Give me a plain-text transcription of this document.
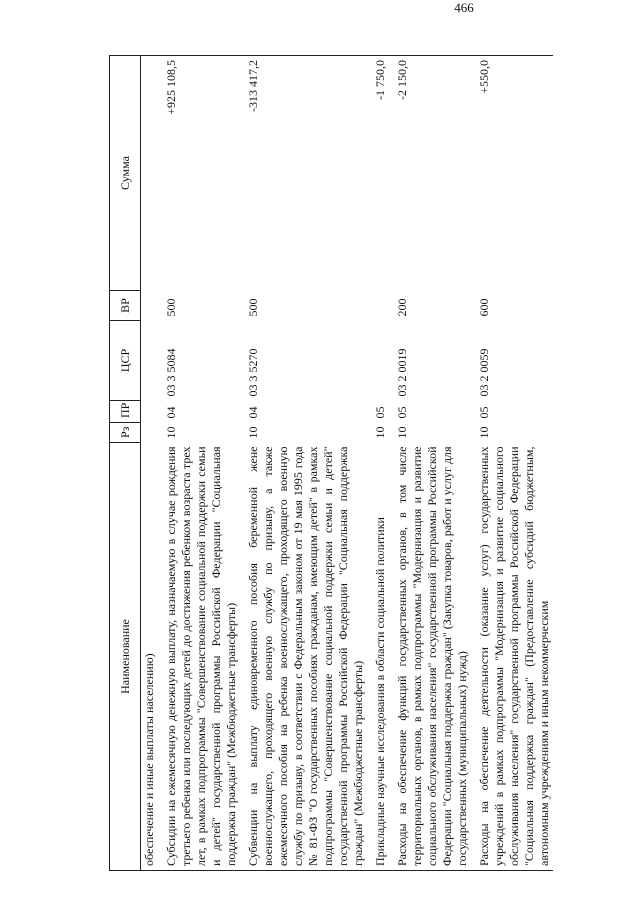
466
Наименование	Рз	ПР	ЦСР	ВР	Сумма
обеспечение и иные выплаты населению)					
Субсидии на ежемесячную денежную выплату, назначаемую в случае рождения третьего ребенка или последующих детей до достижения ребенком возраста трех лет, в рамках подпрограммы "Совершенствование социальной поддержки семьи и детей" государственной программы Российской Федерации "Социальная поддержка граждан" (Межбюджетные трансферты)	10	04	03 3 5084	500	+925 108,5
Субвенции на выплату единовременного пособия беременной жене военнослужащего, проходящего военную службу по призыву, а также ежемесячного пособия на ребенка военнослужащего, проходящего военную службу по призыву, в соответствии с Федеральным законом от 19 мая 1995 года № 81-ФЗ "О государственных пособиях гражданам, имеющим детей" в рамках подпрограммы "Совершенствование социальной поддержки семьи и детей" государственной программы Российской Федерации "Социальная поддержка граждан" (Межбюджетные трансферты)	10	04	03 3 5270	500	-313 417,2
Прикладные научные исследования в области социальной политики	10	05			-1 750,0
Расходы на обеспечение функций государственных органов, в том числе территориальных органов, в рамках подпрограммы "Модернизация и развитие социального обслуживания населения" государственной программы Российской Федерации "Социальная поддержка граждан" (Закупка товаров, работ и услуг для государственных (муниципальных) нужд)	10	05	03 2 0019	200	-2 150,0
Расходы на обеспечение деятельности (оказание услуг) государственных учреждений в рамках подпрограммы "Модернизация и развитие социального обслуживания населения" государственной программы Российской Федерации "Социальная поддержка граждан" (Предоставление субсидий бюджетным, автономным учреждениям и иным некоммерческим	10	05	03 2 0059	600	+550,0
